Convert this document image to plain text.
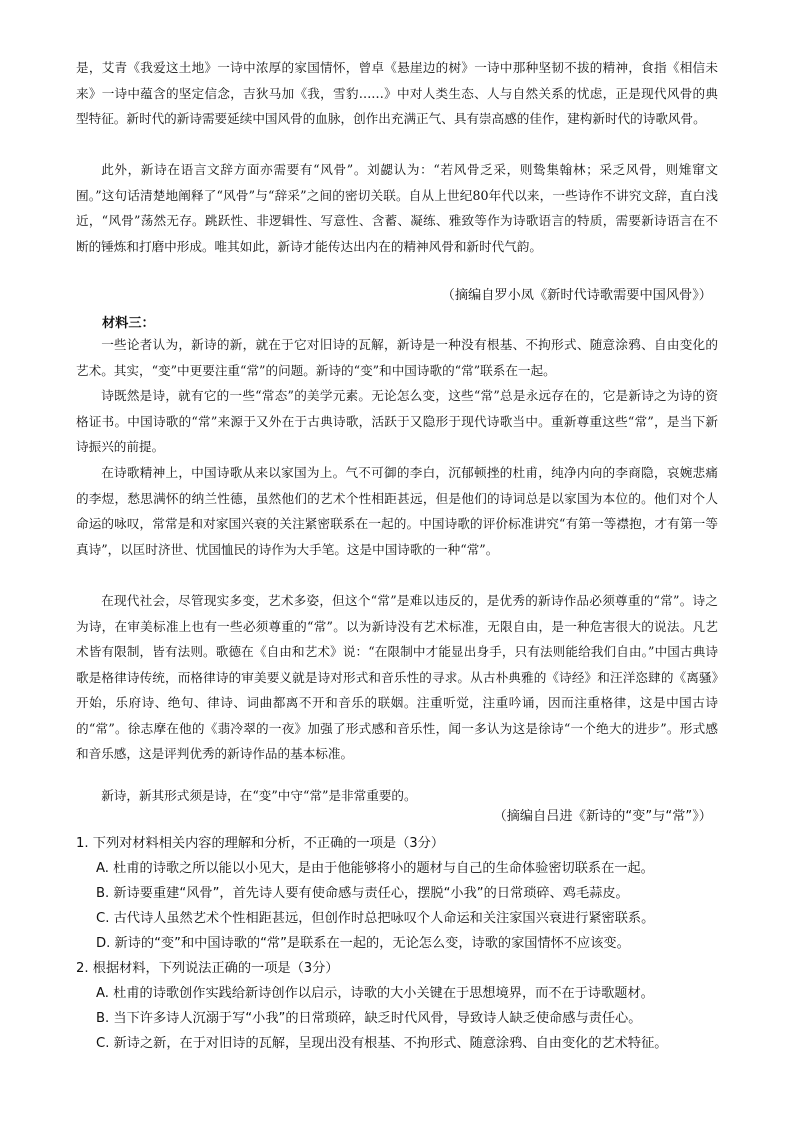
是，艾青《我爱这土地》一诗中浓厚的家国情怀，曾卓《悬崖边的树》一诗中那种坚韧不拔的精神，食指《相信未来》一诗中蕴含的坚定信念，吉狄马加《我，雪豹……》中对人类生态、人与自然关系的忧虑，正是现代风骨的典型特征。新时代的新诗需要延续中国风骨的血脉，创作出充满正气、具有崇高感的佳作，建构新时代的诗歌风骨。

此外，新诗在语言文辞方面亦需要有“风骨”。刘勰认为：“若风骨乏采，则鸷集翰林；采乏风骨，则雉窜文囿。”这句话清楚地阐释了“风骨”与“辞采”之间的密切关联。自从上世纪80年代以来，一些诗作不讲究文辞，直白浅近，“风骨”荡然无存。跳跃性、非逻辑性、写意性、含蓄、凝练、雅致等作为诗歌语言的特质，需要新诗语言在不断的锤炼和打磨中形成。唯其如此，新诗才能传达出内在的精神风骨和新时代气韵。

（摘编自罗小凤《新时代诗歌需要中国风骨》）
材料三：

一些论者认为，新诗的新，就在于它对旧诗的瓦解，新诗是一种没有根基、不拘形式、随意涂鸦、自由变化的艺术。其实，“变”中更要注重“常”的问题。新诗的“变”和中国诗歌的“常”联系在一起。

诗既然是诗，就有它的一些“常态”的美学元素。无论怎么变，这些“常”总是永远存在的，它是新诗之为诗的资格证书。中国诗歌的“常”来源于又外在于古典诗歌，活跃于又隐形于现代诗歌当中。重新尊重这些“常”，是当下新诗振兴的前提。

在诗歌精神上，中国诗歌从来以家国为上。气不可御的李白，沉郁顿挫的杜甫，纯净内向的李商隐，哀婉悲痛的李煜，愁思满怀的纳兰性德，虽然他们的艺术个性相距甚远，但是他们的诗词总是以家国为本位的。他们对个人命运的咏叹，常常是和对家国兴衰的关注紧密联系在一起的。中国诗歌的评价标准讲究“有第一等襟抱，才有第一等真诗”，以匡时济世、忧国恤民的诗作为大手笔。这是中国诗歌的一种“常”。

在现代社会，尽管现实多变，艺术多姿，但这个“常”是难以违反的，是优秀的新诗作品必须尊重的“常”。诗之为诗，在审美标准上也有一些必须尊重的“常”。以为新诗没有艺术标准，无限自由，是一种危害很大的说法。凡艺术皆有限制，皆有法则。歌德在《自由和艺术》说：“在限制中才能显出身手，只有法则能给我们自由。”中国古典诗歌是格律诗传统，而格律诗的审美要义就是诗对形式和音乐性的寻求。从古朴典雅的《诗经》和汪洋恣肆的《离骚》开始，乐府诗、绝句、律诗、词曲都离不开和音乐的联姻。注重听觉，注重吟诵，因而注重格律，这是中国古诗的“常”。徐志摩在他的《翡冷翠的一夜》加强了形式感和音乐性，闻一多认为这是徐诗“一个绝大的进步”。形式感和音乐感，这是评判优秀的新诗作品的基本标准。

新诗，新其形式须是诗，在“变”中守“常”是非常重要的。

（摘编自吕进《新诗的“变”与“常”》）
1. 下列对材料相关内容的理解和分析，不正确的一项是（3分）
A. 杜甫的诗歌之所以能以小见大，是由于他能够将小的题材与自己的生命体验密切联系在一起。
B. 新诗要重建“风骨”，首先诗人要有使命感与责任心，摆脱“小我”的日常琐碎、鸡毛蒜皮。
C. 古代诗人虽然艺术个性相距甚远，但创作时总把咏叹个人命运和关注家国兴衰进行紧密联系。
D. 新诗的“变”和中国诗歌的“常”是联系在一起的，无论怎么变，诗歌的家国情怀不应该变。
2. 根据材料，下列说法正确的一项是（3分）
A. 杜甫的诗歌创作实践给新诗创作以启示，诗歌的大小关键在于思想境界，而不在于诗歌题材。
B. 当下许多诗人沉溺于写“小我”的日常琐碎，缺乏时代风骨，导致诗人缺乏使命感与责任心。
C. 新诗之新，在于对旧诗的瓦解，呈现出没有根基、不拘形式、随意涂鸦、自由变化的艺术特征。
